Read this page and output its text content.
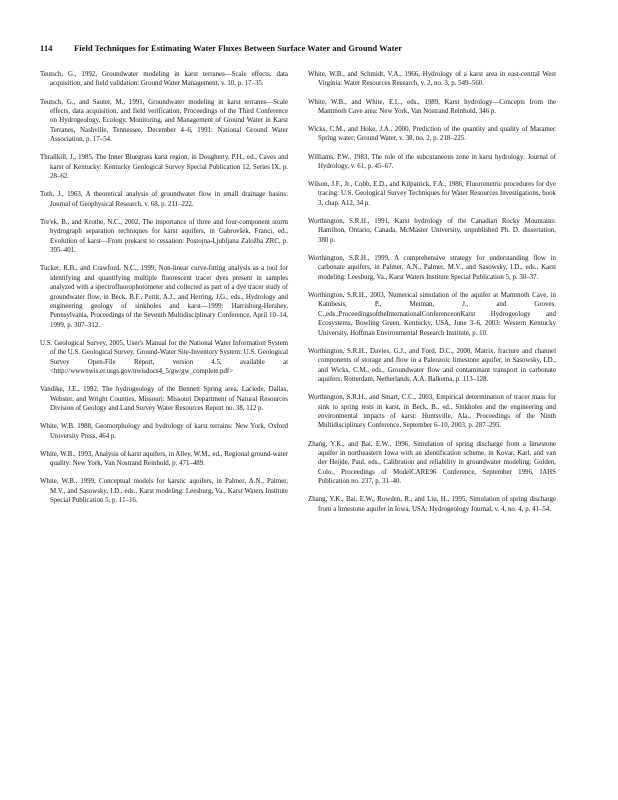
114	Field Techniques for Estimating Water Fluxes Between Surface Water and Ground Water

Teutsch, G., 1992, Groundwater modeling in karst terranes—Scale effects, data acquisition, and field validation: Ground Water Management, v. 10, p. 17–35.

Teutsch, G., and Sauter, M., 1991, Groundwater modeling in karst terranes—Scale effects, data acquisition, and field verification, Proceedings of the Third Conference on Hydrogeology, Ecology, Monitoring, and Management of Ground Water in Karst Terranes, Nashville, Tennessee, December 4–6, 1991: National Ground Water Association, p. 17–54.

Thrailkill, J., 1985, The Inner Bluegrass karst region, in Dougherty, P.H., ed., Caves and karst of Kentucky: Kentucky Geological Survey Special Publication 12, Series IX, p. 28–62.

Toth, J., 1963, A theoretical analysis of groundwater flow in small drainage basins: Journal of Geophysical Research, v. 68, p. 211–222.

Tre'ek, B., and Krothe, N.C., 2002, The importance of three and four-component storm hydrograph separation techniques for karst aquifers, in Gabrovšek, Franci, ed., Evolution of karst—From prekarst to cessation: Postojna-Ljubljana Založba ZRC, p. 395–401.

Tucker, R.B., and Crawford, N.C., 1999, Non-linear curve-fitting analysis as a tool for identifying and quantifying multiple fluorescent tracer dyes present in samples analyzed with a spectrofluorophotometer and collected as part of a dye tracer study of groundwater flow, in Beck, B.F., Pettit, A.J., and Herring, J.G., eds., Hydrology and engineering geology of sinkholes and karst—1999: Harrisburg-Hershey, Pennsylvania, Proceedings of the Seventh Multidisciplinary Conference, April 10–14, 1999, p. 307–312.

U.S. Geological Survey, 2005, User's Manual for the National Water Information System of the U.S. Geological Survey, Ground-Water Site-Inventory System: U.S. Geological Survey Open-File Report, version 4.5, available at <http://wwwnwis.er.usgs.gov/nwisdocs4_5/gw/gw_complete.pdf>

Vandike, J.E., 1992, The hydrogeology of the Bennett Spring area, Laclede, Dallas, Webster, and Wright Counties, Missouri: Missouri Department of Natural Resources Division of Geology and Land Survey Water Resources Report no. 38, 112 p.

White, W.B. 1988, Geomorphology and hydrology of karst terrains: New York, Oxford University Press, 464 p.

White, W.B., 1993, Analysis of karst aquifers, in Alley, W.M., ed., Regional ground-water quality: New York, Van Nostrand Reinhold, p. 471–489.

White, W.B., 1999, Conceptual models for karstic aquifers, in Palmer, A.N., Palmer, M.V., and Sasowsky, I.D., eds., Karst modeling: Leesburg, Va., Karst Waters Institute Special Publication 5, p. 11–16.

White, W.B., and Schmidt, V.A., 1966, Hydrology of a karst area in east-central West Virginia: Water Resources Research, v. 2, no. 3, p. 549–560.

White, W.B., and White, E.L., eds., 1989, Karst hydrology—Concepts from the Mammoth Cave area: New York, Van Nostrand Reinhold, 346 p.

Wicks, C.M., and Hoke, J.A., 2000, Prediction of the quantity and quality of Maramec Spring water: Ground Water, v. 38, no. 2, p. 218–225.

Williams, P.W., 1983, The role of the subcutaneous zone in karst hydrology: Journal of Hydrology, v. 61, p. 45–67.

Wilson, J.F., Jr., Cobb, E.D., and Kilpatrick, F.A., 1986, Fluorometric procedures for dye tracing: U.S. Geological Survey Techniques for Water Resources Investigations, book 3, chap. A12, 34 p.

Worthington, S.R.H., 1991, Karst hydrology of the Canadian Rocky Mountains: Hamilton, Ontario, Canada, McMaster University, unpublished Ph. D. dissertation, 380 p.

Worthington, S.R.H., 1999, A comprehensive strategy for understanding flow in carbonate aquifers, in Palmer, A.N., Palmer, M.V., and Sasowsky, I.D., eds., Karst modeling: Leesburg, Va., Karst Waters Institute Special Publication 5, p. 30–37.

Worthington, S.R.H., 2003, Numerical simulation of the aquifer at Mammoth Cave, in Kambesis, P., Meiman, J., and Groves, C.,eds.,ProceedingsoftheInternationalConferenceonKarst Hydrogeology and Ecosystems, Bowling Green, Kentucky, USA, June 3–6, 2003: Western Kentucky University, Hoffman Environmental Research Institute, p. 10.

Worthington, S.R.H., Davies, G.J., and Ford, D.C., 2000, Matrix, fracture and channel components of storage and flow in a Paleozoic limestone aquifer, in Sasowsky, I.D., and Wicks, C.M., eds., Groundwater flow and contaminant transport in carbonate aquifers: Rotterdam, Netherlands, A.A. Balkema, p. 113–128.

Worthington, S.R.H., and Smart, C.C., 2003, Empirical determination of tracer mass for sink to spring tests in karst, in Beck, B., ed., Sinkholes and the engineering and environmental impacts of karst: Huntsville, Ala., Proceedings of the Ninth Multidisciplinary Conference, September 6–10, 2003, p. 287–295.

Zhang, Y.K., and Bai, E.W., 1996, Simulation of spring discharge from a limestone aquifer in northeastern Iowa with an identification scheme, in Kovar, Karl, and van der Heijde, Paul, eds., Calibration and reliability in groundwater modeling: Golden, Colo., Proceedings of ModelCARE96 Conference, September 1996, IAHS Publication no. 237, p. 31–40.

Zhang, Y.K., Bai, E.W., Rowden, R., and Liu, H., 1995, Simulation of spring discharge from a limestone aquifer in Iowa, USA: Hydrogeology Journal, v. 4, no. 4, p. 41–54.
